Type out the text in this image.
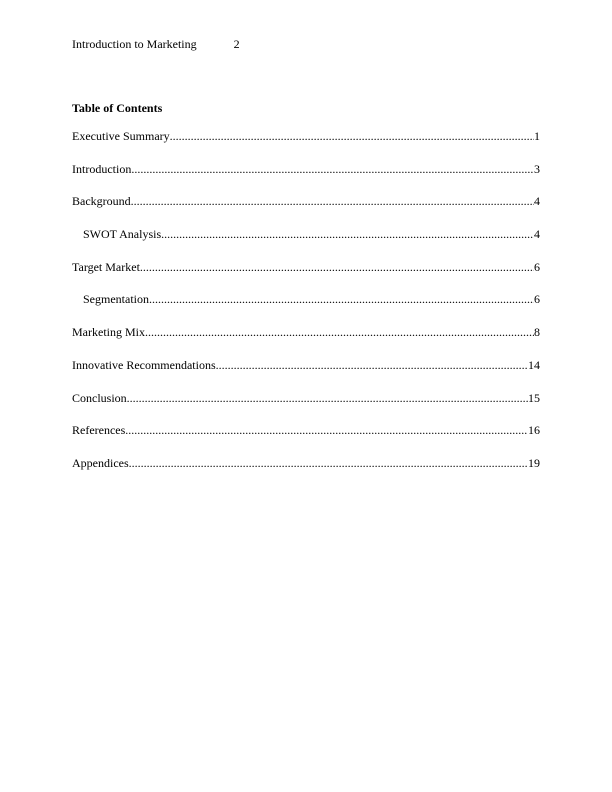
Introduction to Marketing	2
Table of Contents
Executive Summary .....	1
Introduction .....	3
Background .....	4
SWOT Analysis .....	4
Target Market .....	6
Segmentation .....	6
Marketing Mix .....	8
Innovative Recommendations .....	14
Conclusion .....	15
References .....	16
Appendices .....	19
